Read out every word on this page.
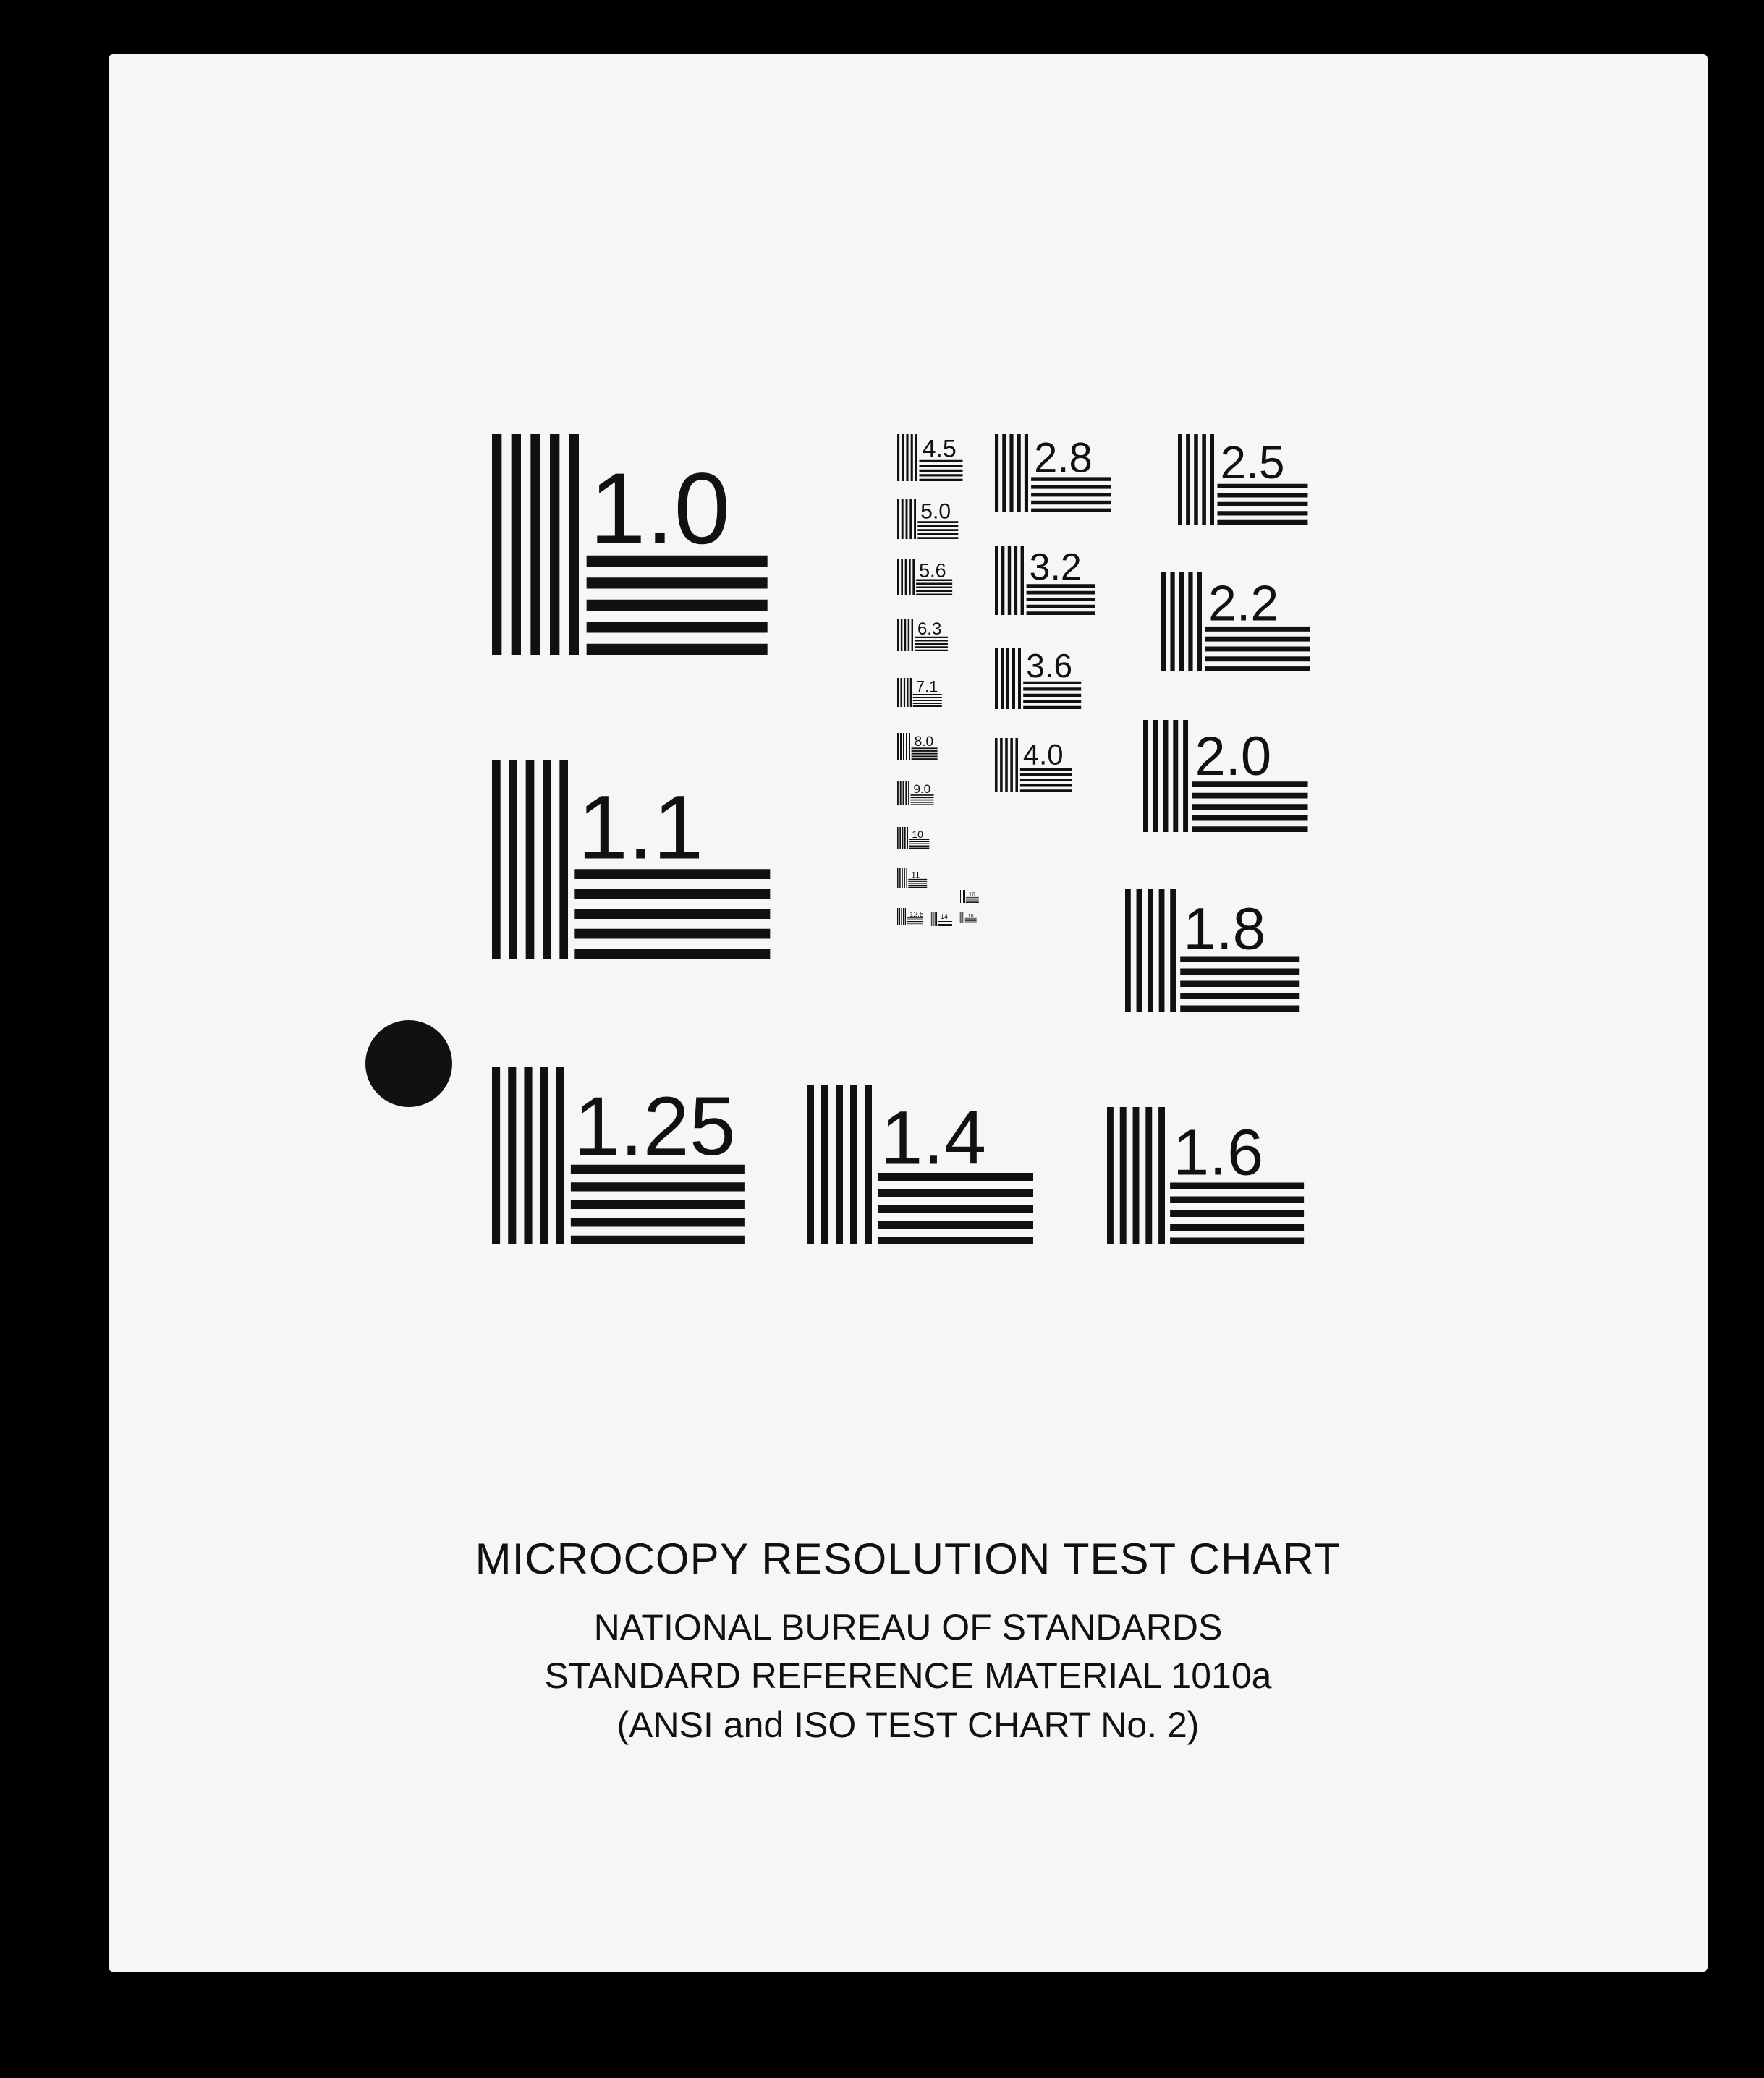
1.0
1.1
1.25 1.4	1.6
1.8
2.0
2.2
2.5
2.8
3.2
3.6
4.0
4.5
5.0
5.6
6.3
7.1
8.0
9.0
10
11
12.5	14
16
18
MICROCOPY RESOLUTION TEST CHART
NATIONAL BUREAU OF STANDARDS
STANDARD REFERENCE MATERIAL 1010a
(ANSI and ISO TEST CHART No. 2)
